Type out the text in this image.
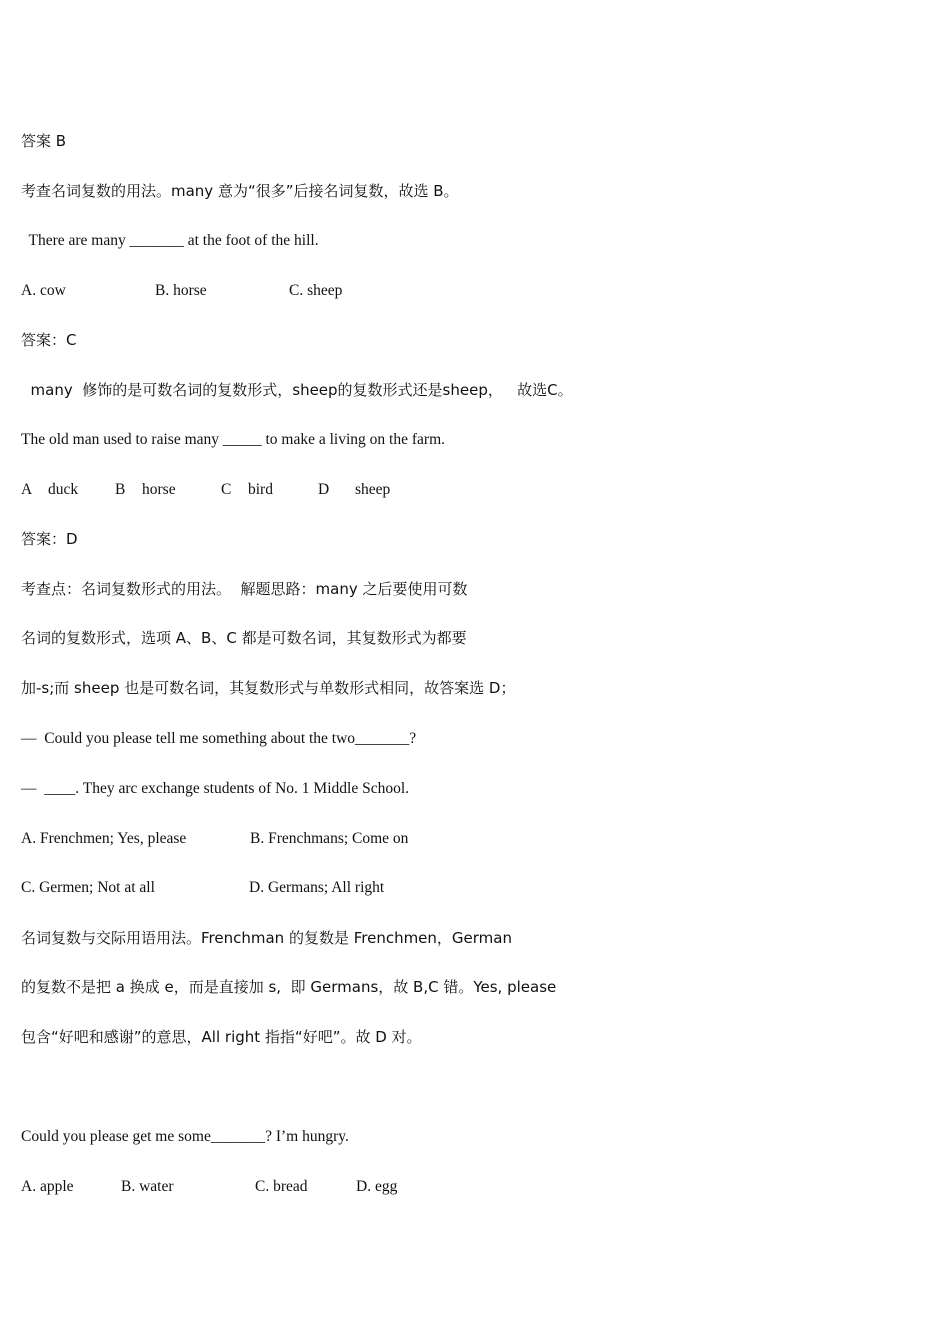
答案 B
考查名词复数的用法。many 意为“很多”后接名词复数，故选 B。
There are many _______ at the foot of the hill.
A. cow	B. horse	C. sheep
答案：C
many  修饰的是可数名词的复数形式，sheep的复数形式还是sheep，   故选C。
The old man used to raise many _____ to make a living on the farm.
A duck B horse	C bird	D sheep
答案：D
考查点：名词复数形式的用法。  解题思路：many 之后要使用可数
名词的复数形式，选项 A、B、C 都是可数名词，其复数形式为都要
加-s;而 sheep 也是可数名词，其复数形式与单数形式相同，故答案选 D；
—  Could you please tell me something about the two_______?
—  ____. They arc exchange students of No. 1 Middle School.
A. Frenchmen; Yes, please	B. Frenchmans; Come on
C. Germen; Not at all	D. Germans; All right
名词复数与交际用语用法。Frenchman 的复数是 Frenchmen，German
的复数不是把 a 换成 e，而是直接加 s,  即 Germans，故 B,C 错。Yes, please
包含“好吧和感谢”的意思，All right 指指“好吧”。故 D 对。
Could you please get me some_______? I’m hungry.
A. apple	B. water	C. bread	D. egg
